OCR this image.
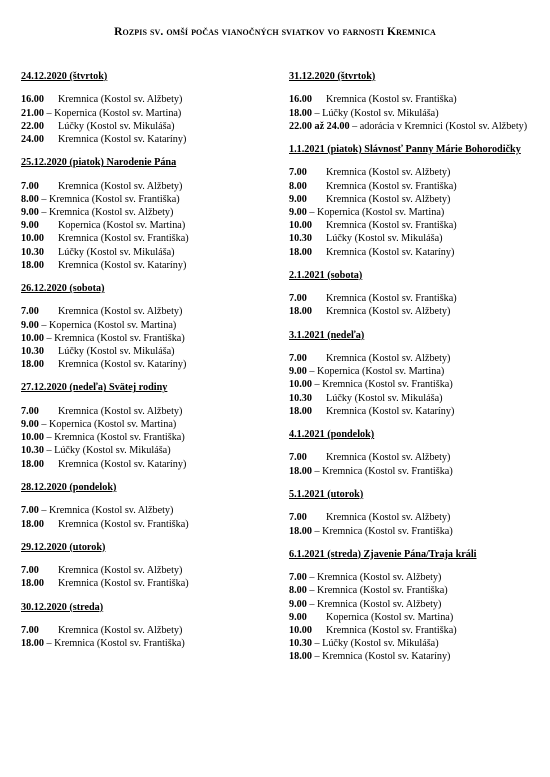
Rozpis sv. omší počas vianočných sviatkov vo farnosti Kremnica
24.12.2020 (štvrtok)
16.00 Kremnica (Kostol sv. Alžbety)
21.00 – Kopernica (Kostol sv. Martina)
22.00 Lúčky (Kostol sv. Mikuláša)
24.00 Kremnica (Kostol sv. Kataríny)
25.12.2020 (piatok) Narodenie Pána
7.00 Kremnica (Kostol sv. Alžbety)
8.00 – Kremnica (Kostol sv. Františka)
9.00 – Kremnica (Kostol sv. Alžbety)
9.00 Kopernica (Kostol sv. Martina)
10.00 Kremnica (Kostol sv. Františka)
10.30 Lúčky (Kostol sv. Mikuláša)
18.00 Kremnica (Kostol sv. Kataríny)
26.12.2020 (sobota)
7.00 Kremnica (Kostol sv. Alžbety)
9.00 – Kopernica (Kostol sv. Martina)
10.00 – Kremnica (Kostol sv. Františka)
10.30 Lúčky (Kostol sv. Mikuláša)
18.00 Kremnica (Kostol sv. Kataríny)
27.12.2020 (nedeľa) Svätej rodiny
7.00 Kremnica (Kostol sv. Alžbety)
9.00 – Kopernica (Kostol sv. Martina)
10.00 – Kremnica (Kostol sv. Františka)
10.30 – Lúčky (Kostol sv. Mikuláša)
18.00 Kremnica (Kostol sv. Kataríny)
28.12.2020 (pondelok)
7.00 – Kremnica (Kostol sv. Alžbety)
18.00 Kremnica (Kostol sv. Františka)
29.12.2020 (utorok)
7.00 Kremnica (Kostol sv. Alžbety)
18.00 Kremnica (Kostol sv. Františka)
30.12.2020 (streda)
7.00 Kremnica (Kostol sv. Alžbety)
18.00 – Kremnica (Kostol sv. Františka)
31.12.2020 (štvrtok)
16.00 Kremnica (Kostol sv. Františka)
18.00 – Lúčky (Kostol sv. Mikuláša)
22.00 až 24.00 – adorácia v Kremnici (Kostol sv. Alžbety)
1.1.2021 (piatok) Slávnosť Panny Márie Bohorodičky
7.00 Kremnica (Kostol sv. Alžbety)
8.00 Kremnica (Kostol sv. Františka)
9.00 Kremnica (Kostol sv. Alžbety)
9.00 – Kopernica (Kostol sv. Martina)
10.00 Kremnica (Kostol sv. Františka)
10.30 Lúčky (Kostol sv. Mikuláša)
18.00 Kremnica (Kostol sv. Kataríny)
2.1.2021 (sobota)
7.00 Kremnica (Kostol sv. Františka)
18.00 Kremnica (Kostol sv. Alžbety)
3.1.2021 (nedeľa)
7.00 Kremnica (Kostol sv. Alžbety)
9.00 – Kopernica (Kostol sv. Martina)
10.00 – Kremnica (Kostol sv. Františka)
10.30 Lúčky (Kostol sv. Mikuláša)
18.00 Kremnica (Kostol sv. Kataríny)
4.1.2021 (pondelok)
7.00 Kremnica (Kostol sv. Alžbety)
18.00 – Kremnica (Kostol sv. Františka)
5.1.2021 (utorok)
7.00 Kremnica (Kostol sv. Alžbety)
18.00 – Kremnica (Kostol sv. Františka)
6.1.2021 (streda) Zjavenie Pána/Traja králi
7.00 – Kremnica (Kostol sv. Alžbety)
8.00 – Kremnica (Kostol sv. Františka)
9.00 – Kremnica (Kostol sv. Alžbety)
9.00 Kopernica (Kostol sv. Martina)
10.00 Kremnica (Kostol sv. Františka)
10.30 – Lúčky (Kostol sv. Mikuláša)
18.00 – Kremnica (Kostol sv. Kataríny)
